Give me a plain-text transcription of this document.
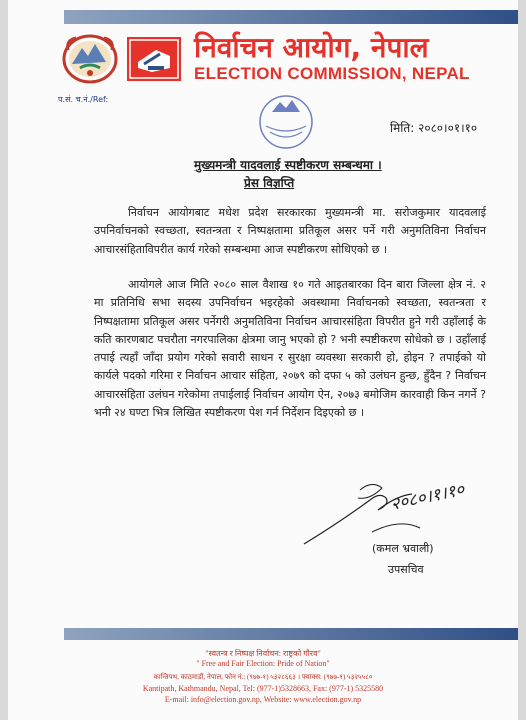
निर्वाचन आयोग, नेपाल
ELECTION COMMISSION, NEPAL
प.सं. च.नं./Ref:
मिति: २०८०।०१।१०
मुख्यमन्त्री यादवलाई स्पष्टीकरण सम्बन्धमा ।
प्रेस विज्ञप्ति
निर्वाचन आयोगबाट मधेश प्रदेश सरकारका मुख्यमन्त्री मा. सरोजकुमार यादवलाई उपनिर्वाचनको स्वच्छता, स्वतन्त्रता र निष्पक्षतामा प्रतिकूल असर पर्ने गरी अनुमतिविना निर्वाचन आचारसंहिताविपरीत कार्य गरेको सम्बन्धमा आज स्पष्टीकरण सोधिएको छ ।
आयोगले आज मिति २०८० साल वैशाख १० गते आइतबारका दिन बारा जिल्ला क्षेत्र नं. २ मा प्रतिनिधि सभा सदस्य उपनिर्वाचन भइरहेको अवस्थामा निर्वाचनको स्वच्छता, स्वतन्त्रता र निष्पक्षतामा प्रतिकूल असर पर्नेगरी अनुमतिविना निर्वाचन आचारसंहिता विपरीत हुने गरी उहाँलाई के कति कारणबाट पचरौता नगरपालिका क्षेत्रमा जानु भएको हो ? भनी स्पष्टीकरण सोधेको छ । उहाँलाई तपाई त्यहाँ जाँदा प्रयोग गरेको सवारी साधन र सुरक्षा व्यवस्था सरकारी हो, होइन ? तपाईको यो कार्यले पदको गरिमा र निर्वाचन आचार संहिता, २०७९ को दफा ५ को उलंघन हुन्छ, हुँदैन ? निर्वाचन आचारसंहिता उलंघन गरेकोमा तपाईलाई निर्वाचन आयोग ऐन, २०७३ बमोजिम कारवाही किन नगर्ने ? भनी २४ घण्टा भित्र लिखित स्पष्टीकरण पेश गर्न निर्देशन दिइएको छ ।
२०८०।१।१०
(कमल भ्रवाली)
उपसचिव
"स्वतन्त्र र निष्पक्ष निर्वाचन: राष्ट्रको गौरव"
" Free and Fair Election: Pride of Nation"
कान्तिपथ, काठमाडौं, नेपाल, फोन नं.: (९७७-१) ५३२८६६३ । फ्याक्स: (९७७-१) ५३२५५८०
Kantipath, Kathmandu, Nepal, Tel: (977-1)5328663, Fax: (977-1) 5325580
E-mail: info@election.gov.np, Website: www.election.gov.np
